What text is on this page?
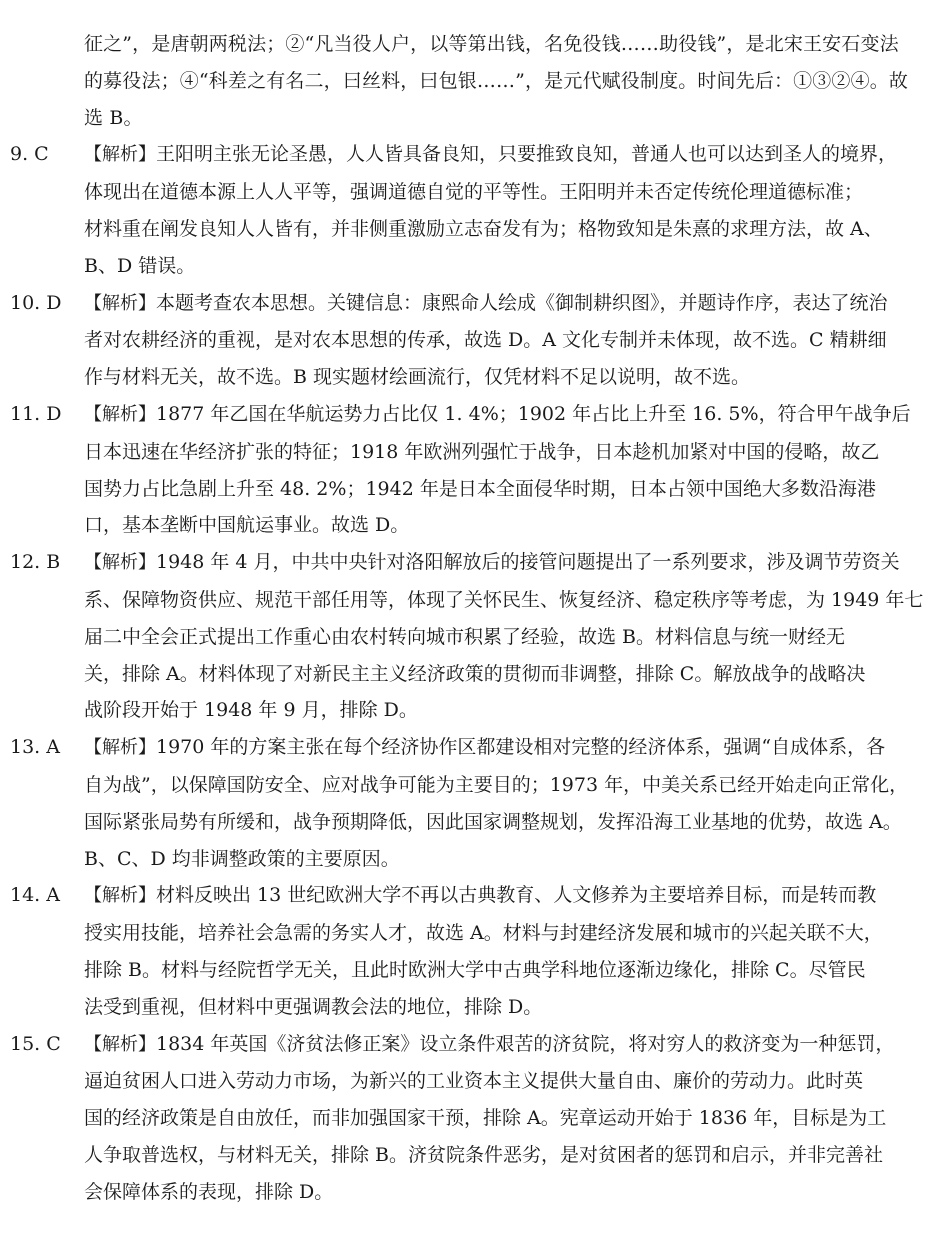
征之”，是唐朝两税法；②“凡当役人户，以等第出钱，名免役钱……助役钱”，是北宋王安石变法
的募役法；④“科差之有名二，曰丝料，曰包银……”，是元代赋役制度。时间先后：①③②④。故
选 B。
9. C 【解析】王阳明主张无论圣愚，人人皆具备良知，只要推致良知，普通人也可以达到圣人的境界，
体现出在道德本源上人人平等，强调道德自觉的平等性。王阳明并未否定传统伦理道德标准；
材料重在阐发良知人人皆有，并非侧重激励立志奋发有为；格物致知是朱熹的求理方法，故 A、
B、D 错误。
10. D 【解析】本题考查农本思想。关键信息：康熙命人绘成《御制耕织图》，并题诗作序，表达了统治
者对农耕经济的重视，是对农本思想的传承，故选 D。A 文化专制并未体现，故不选。C 精耕细
作与材料无关，故不选。B 现实题材绘画流行，仅凭材料不足以说明，故不选。
11. D 【解析】1877 年乙国在华航运势力占比仅 1. 4%；1902 年占比上升至 16. 5%，符合甲午战争后
日本迅速在华经济扩张的特征；1918 年欧洲列强忙于战争，日本趁机加紧对中国的侵略，故乙
国势力占比急剧上升至 48. 2%；1942 年是日本全面侵华时期，日本占领中国绝大多数沿海港
口，基本垄断中国航运事业。故选 D。
12. B 【解析】1948 年 4 月，中共中央针对洛阳解放后的接管问题提出了一系列要求，涉及调节劳资关
系、保障物资供应、规范干部任用等，体现了关怀民生、恢复经济、稳定秩序等考虑，为 1949 年七
届二中全会正式提出工作重心由农村转向城市积累了经验，故选 B。材料信息与统一财经无
关，排除 A。材料体现了对新民主主义经济政策的贯彻而非调整，排除 C。解放战争的战略决
战阶段开始于 1948 年 9 月，排除 D。
13. A 【解析】1970 年的方案主张在每个经济协作区都建设相对完整的经济体系，强调“自成体系，各
自为战”，以保障国防安全、应对战争可能为主要目的；1973 年，中美关系已经开始走向正常化，
国际紧张局势有所缓和，战争预期降低，因此国家调整规划，发挥沿海工业基地的优势，故选 A。
B、C、D 均非调整政策的主要原因。
14. A 【解析】材料反映出 13 世纪欧洲大学不再以古典教育、人文修养为主要培养目标，而是转而教
授实用技能，培养社会急需的务实人才，故选 A。材料与封建经济发展和城市的兴起关联不大，
排除 B。材料与经院哲学无关，且此时欧洲大学中古典学科地位逐渐边缘化，排除 C。尽管民
法受到重视，但材料中更强调教会法的地位，排除 D。
15. C 【解析】1834 年英国《济贫法修正案》设立条件艰苦的济贫院，将对穷人的救济变为一种惩罚，
逼迫贫困人口进入劳动力市场，为新兴的工业资本主义提供大量自由、廉价的劳动力。此时英
国的经济政策是自由放任，而非加强国家干预，排除 A。宪章运动开始于 1836 年，目标是为工
人争取普选权，与材料无关，排除 B。济贫院条件恶劣，是对贫困者的惩罚和启示，并非完善社
会保障体系的表现，排除 D。
